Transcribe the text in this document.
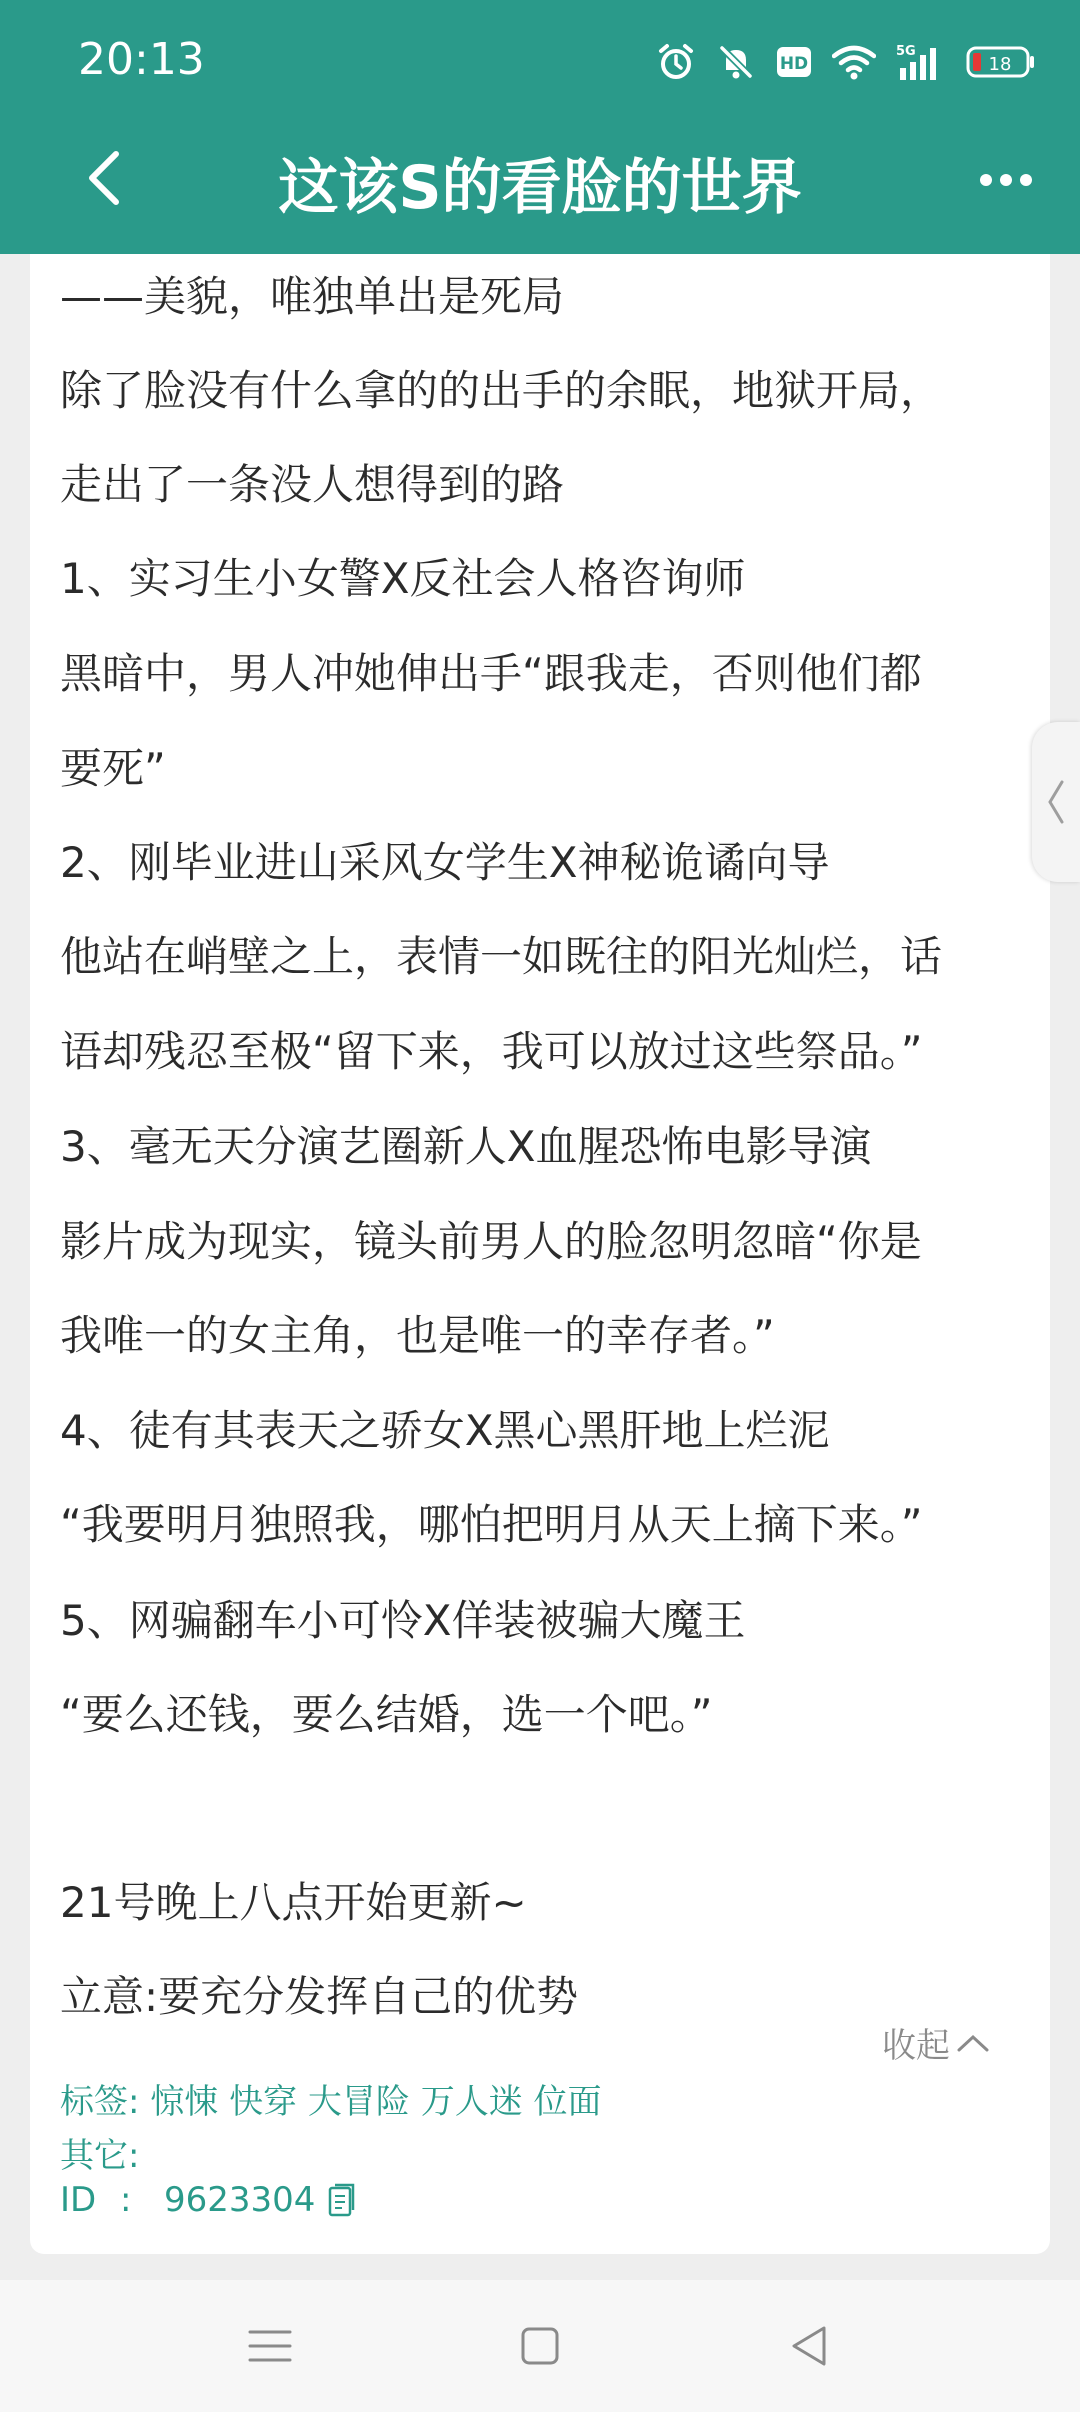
20:13	HD
5G
18
这该S的看脸的世界
——美貌，唯独单出是死局
除了脸没有什么拿的的出手的余眠，地狱开局，
走出了一条没人想得到的路
1、实习生小女警X反社会人格咨询师
黑暗中，男人冲她伸出手“跟我走，否则他们都
要死”
2、刚毕业进山采风女学生X神秘诡谲向导
他站在峭壁之上，表情一如既往的阳光灿烂，话
语却残忍至极“留下来，我可以放过这些祭品。”
3、毫无天分演艺圈新人X血腥恐怖电影导演
影片成为现实，镜头前男人的脸忽明忽暗“你是
我唯一的女主角，也是唯一的幸存者。”
4、徒有其表天之骄女X黑心黑肝地上烂泥
“我要明月独照我，哪怕把明月从天上摘下来。”
5、网骗翻车小可怜X佯装被骗大魔王
“要么还钱，要么结婚，选一个吧。”
21号晚上八点开始更新~
立意:要充分发挥自己的优势
收起
标签: 惊悚 快穿 大冒险 万人迷 位面
其它:
ID : 9623304
